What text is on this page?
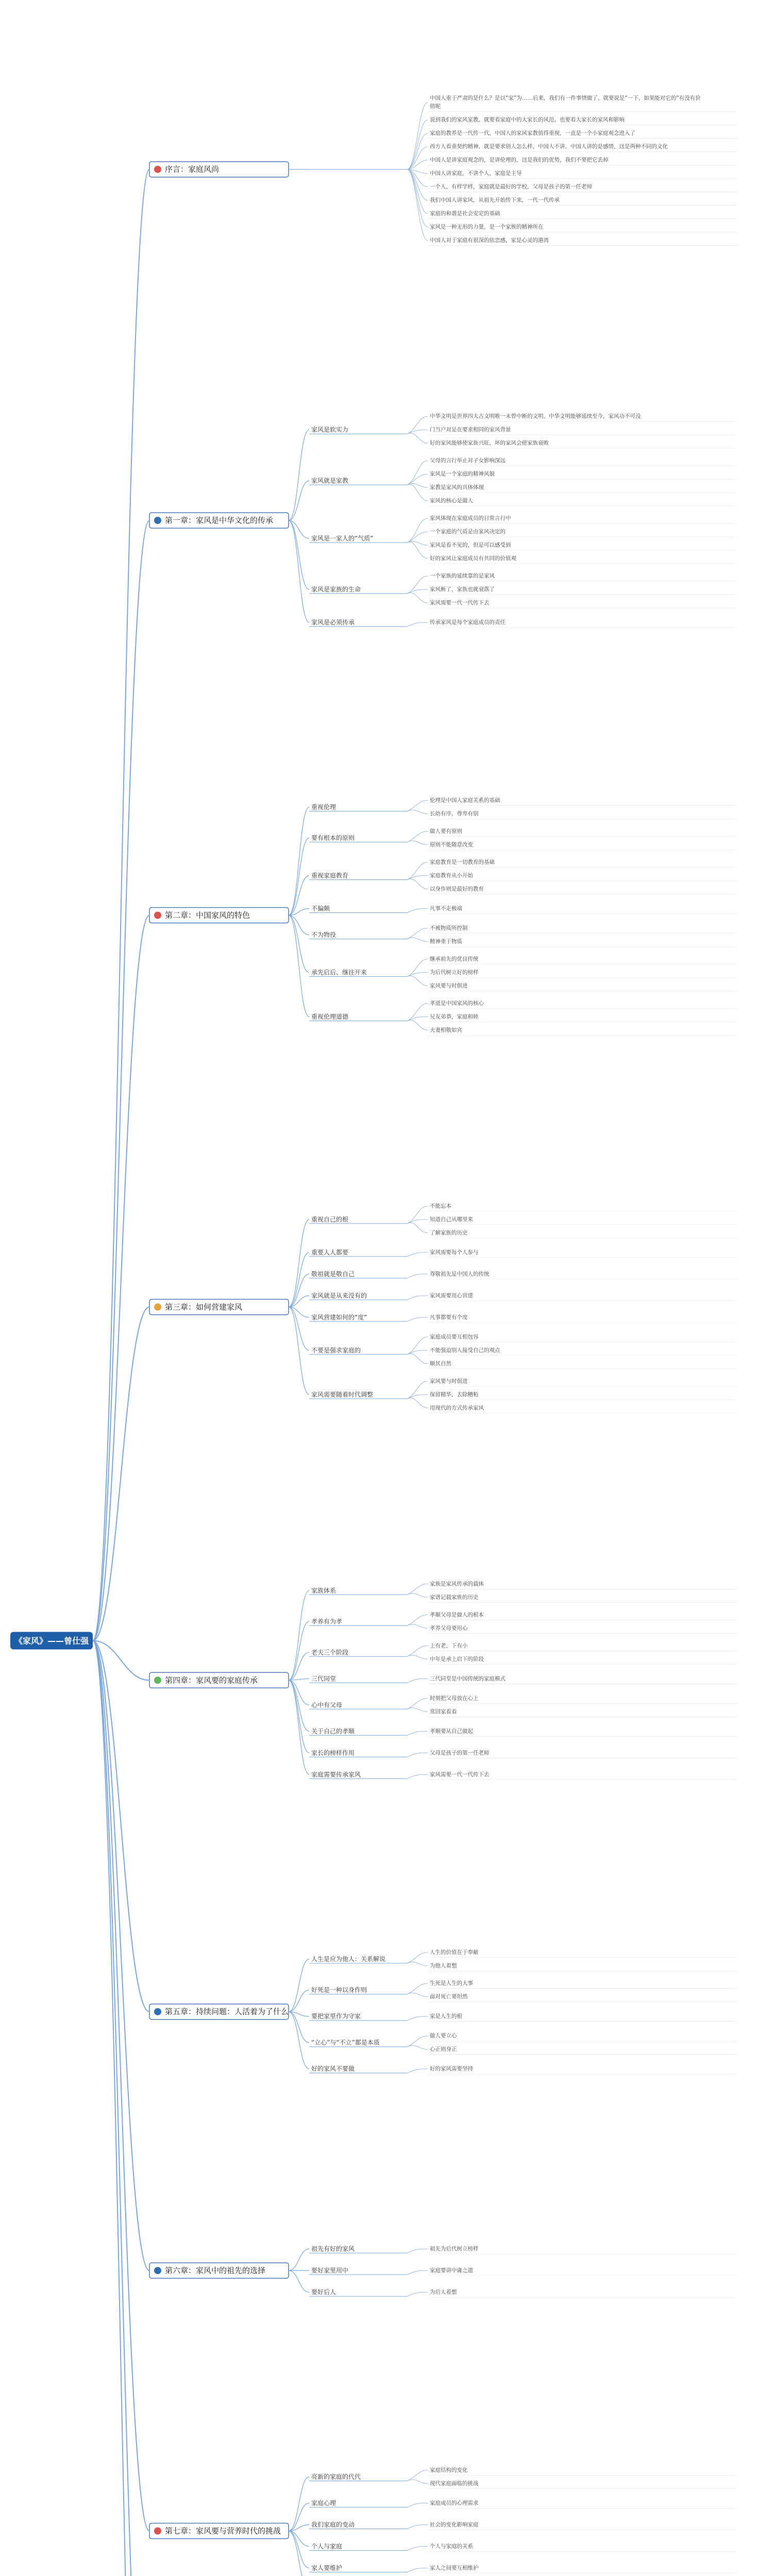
序言：家庭风尚
中国人重于严肃的是什么？是以“家”为……后来，我们有一件事情做了，就要说是“一下，如果能对它的”有没有价值呢
说到我们的家风家教，就要看家庭中的大家长的风范，也要看大家长的家风和影响
家庭的教养是一代传一代，中国人的家风家教值得重视，一直是一个小家庭观念进入了
西方人看重契约精神，就是要求别人怎么样，中国人不讲，中国人讲的是感情，这是两种不同的文化
中国人是讲家庭观念的，是讲伦理的，这是我们的优势，我们不要把它丢掉
中国人讲家庭，不讲个人，家庭是主导
一个人，有样学样，家庭就是最好的学校，父母是孩子的第一任老师
我们中国人讲家风，从祖先开始传下来，一代一代传承
家庭的和谐是社会安定的基础
家风是一种无形的力量，是一个家族的精神所在
中国人对于家庭有很深的依恋感，家是心灵的港湾
第一章：家风是中华文化的传承
家风是软实力
中华文明是世界四大古文明唯一未曾中断的文明，中华文明能够延续至今，家风功不可没
门当户对是在要求相同的家风背景
好的家风能够使家族兴旺，坏的家风会使家族衰败
家风就是家教
父母的言行举止对子女影响深远
家风是一个家庭的精神风貌
家教是家风的具体体现
家风的核心是做人
家风是一家人的“气质”
家风体现在家庭成员的日常言行中
一个家庭的气质是由家风决定的
家风是看不见的，但是可以感受到
好的家风让家庭成员有共同的价值观
家风是家族的生命
一个家族的延续靠的是家风
家风断了，家族也就衰落了
家风需要一代一代传下去
家风是必须传承	传承家风是每个家庭成员的责任
第二章：中国家风的特色
重视伦理
伦理是中国人家庭关系的基础
长幼有序，尊卑有别
要有根本的原则
做人要有原则
原则不能随意改变
重视家庭教育
家庭教育是一切教育的基础
家庭教育从小开始
以身作则是最好的教育
不偏颇	凡事不走极端
不为物役
不被物质所控制
精神重于物质
承先启后、继往开来
继承祖先的优良传统
为后代树立好的榜样
家风要与时俱进
重视伦理道德
孝道是中国家风的核心
兄友弟恭，家庭和睦
夫妻相敬如宾
第三章：如何营建家风
重视自己的根
不能忘本
知道自己从哪里来
了解家族的历史
重要人人都要	家风需要每个人参与
敬祖就是敬自己	尊敬祖先是中国人的传统
家风就是从来没有的	家风需要用心营建
家风营建如何的“度”	凡事都要有个度
不要是强求家庭的
家庭成员要互相包容
不能强迫别人接受自己的观点
顺其自然
家风需要随着时代调整
家风要与时俱进
保留精华，去除糟粕
用现代的方式传承家风
第四章：家风要的家庭传承
家族体系
家族是家风传承的载体
家谱记载家族的历史
孝养有为孝
孝顺父母是做人的根本
孝养父母要用心
老夫三个阶段
上有老，下有小
中年是承上启下的阶段
三代同堂	三代同堂是中国传统的家庭模式
心中有父母
时刻把父母放在心上
常回家看看
关于自己的孝顺	孝顺要从自己做起
家长的榜样作用	父母是孩子的第一任老师
家庭需要传承家风	家风需要一代一代传下去
第五章：持续问题：人活着为了什么
人生是应为他人：关系解说
人生的价值在于奉献
为他人着想
好死是一种以身作则
生死是人生的大事
面对死亡要坦然
要把家里作为守家	家是人生的根
“立心”与“不立”都是本质
做人要立心
心正则身正
好的家风不要做	好的家风需要坚持
第六章：家风中的祖先的选择
祖先有好的家风	祖先为后代树立榜样
要好家里用中	家庭要讲中庸之道
要好后人	为后人着想
第七章：家风要与营养时代的挑战
亮新的家庭的代代
家庭结构的变化
现代家庭面临的挑战
家庭心理	家庭成员的心理需求
我们家庭的变动	社会的变化影响家庭
个人与家庭	个人与家庭的关系
家人要维护	家人之间要互相维护
《家风》——曾仕强
